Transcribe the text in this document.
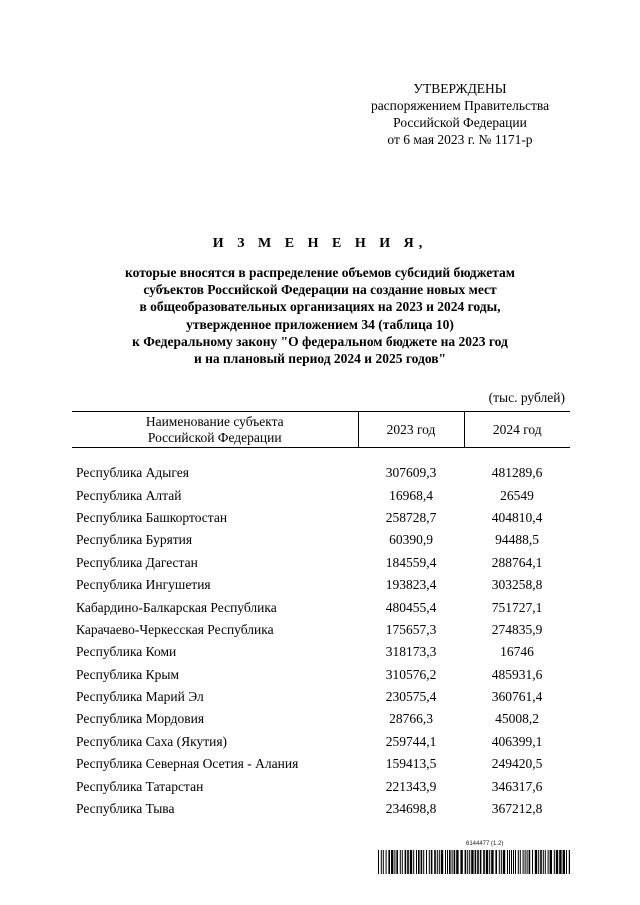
УТВЕРЖДЕНЫ
распоряжением Правительства
Российской Федерации
от 6 мая 2023 г. № 1171-р
И З М Е Н Е Н И Я,
которые вносятся в распределение объемов субсидий бюджетам
субъектов Российской Федерации на создание новых мест
в общеобразовательных организациях на 2023 и 2024 годы,
утвержденное приложением 34 (таблица 10)
к Федеральному закону "О федеральном бюджете на 2023 год
и на плановый период 2024 и 2025 годов"
(тыс. рублей)
Наименование субъекта
Российской Федерации	2023 год	2024 год

Республика Адыгея	307609,3	481289,6
Республика Алтай	16968,4	26549
Республика Башкортостан	258728,7	404810,4
Республика Бурятия	60390,9	94488,5
Республика Дагестан	184559,4	288764,1
Республика Ингушетия	193823,4	303258,8
Кабардино-Балкарская Республика	480455,4	751727,1
Карачаево-Черкесская Республика	175657,3	274835,9
Республика Коми	318173,3	16746
Республика Крым	310576,2	485931,6
Республика Марий Эл	230575,4	360761,4
Республика Мордовия	28766,3	45008,2
Республика Саха (Якутия)	259744,1	406399,1
Республика Северная Осетия - Алания	159413,5	249420,5
Республика Татарстан	221343,9	346317,6
Республика Тыва	234698,8	367212,8
6144477 (1.2)
